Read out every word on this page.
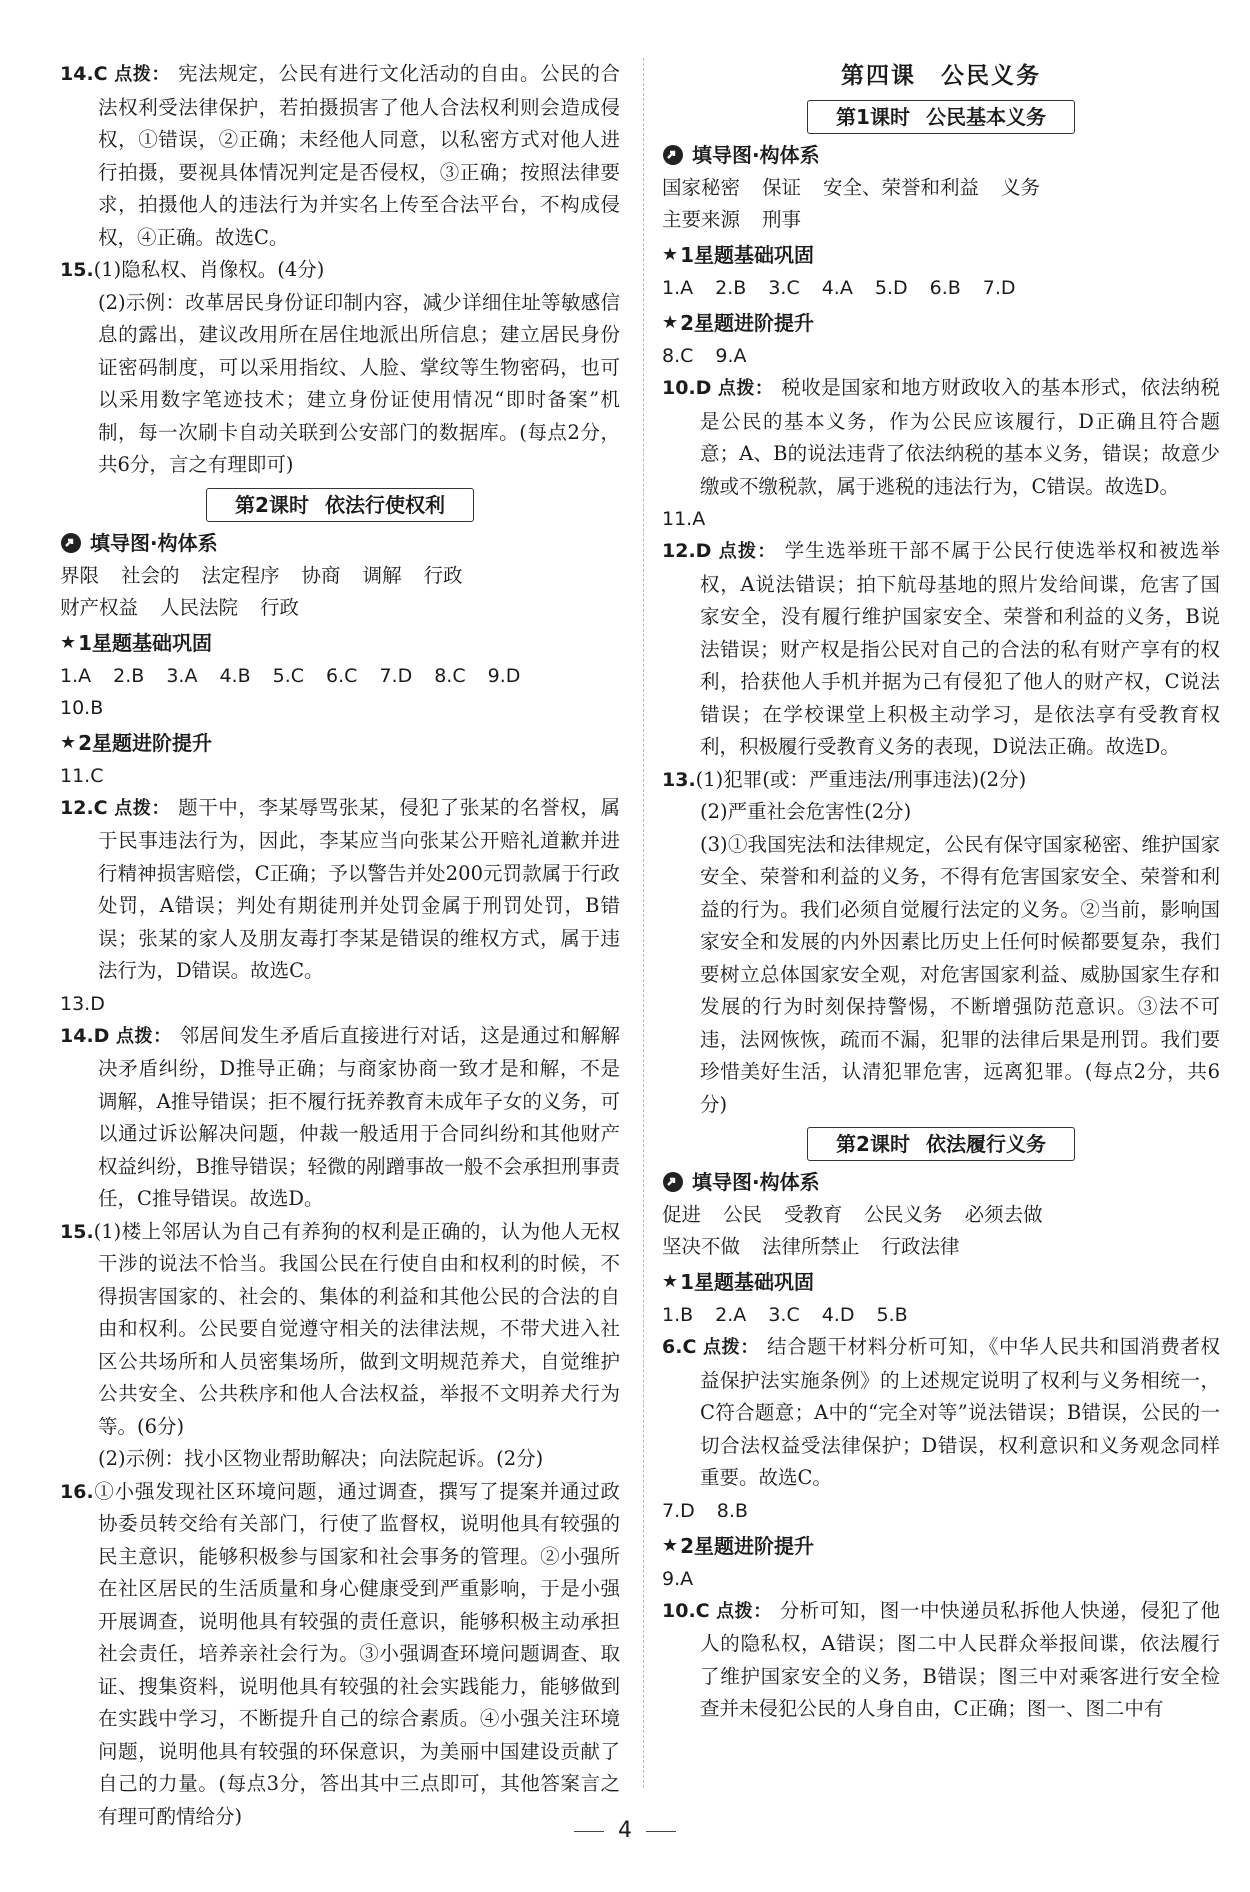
14.C 点拨： 宪法规定，公民有进行文化活动的自由。公民的合法权利受法律保护，若拍摄损害了他人合法权利则会造成侵权，①错误，②正确；未经他人同意，以私密方式对他人进行拍摄，要视具体情况判定是否侵权，③正确；按照法律要求，拍摄他人的违法行为并实名上传至合法平台，不构成侵权，④正确。故选C。

15.(1)隐私权、肖像权。(4分)

(2)示例：改革居民身份证印制内容，减少详细住址等敏感信息的露出，建议改用所在居住地派出所信息；建立居民身份证密码制度，可以采用指纹、人脸、掌纹等生物密码，也可以采用数字笔迹技术；建立身份证使用情况“即时备案”机制，每一次刷卡自动关联到公安部门的数据库。(每点2分，共6分，言之有理即可)

第2课时 依法行使权利
填导图·构体系

界限 社会的 法定程序 协商 调解 行政
财产权益 人民法院 行政

★ 1星题基础巩固

1.A 2.B 3.A 4.B 5.C 6.C 7.D 8.C 9.D
10.B

★ 2星题进阶提升

11.C

12.C 点拨： 题干中，李某辱骂张某，侵犯了张某的名誉权，属于民事违法行为，因此，李某应当向张某公开赔礼道歉并进行精神损害赔偿，C正确；予以警告并处200元罚款属于行政处罚，A错误；判处有期徒刑并处罚金属于刑罚处罚，B错误；张某的家人及朋友毒打李某是错误的维权方式，属于违法行为，D错误。故选C。

13.D

14.D 点拨： 邻居间发生矛盾后直接进行对话，这是通过和解解决矛盾纠纷，D推导正确；与商家协商一致才是和解，不是调解，A推导错误；拒不履行抚养教育未成年子女的义务，可以通过诉讼解决问题，仲裁一般适用于合同纠纷和其他财产权益纠纷，B推导错误；轻微的剐蹭事故一般不会承担刑事责任，C推导错误。故选D。

15.(1)楼上邻居认为自己有养狗的权利是正确的，认为他人无权干涉的说法不恰当。我国公民在行使自由和权利的时候，不得损害国家的、社会的、集体的利益和其他公民的合法的自由和权利。公民要自觉遵守相关的法律法规，不带犬进入社区公共场所和人员密集场所，做到文明规范养犬，自觉维护公共安全、公共秩序和他人合法权益，举报不文明养犬行为等。(6分)

(2)示例：找小区物业帮助解决；向法院起诉。(2分)

16.①小强发现社区环境问题，通过调查，撰写了提案并通过政协委员转交给有关部门，行使了监督权，说明他具有较强的民主意识，能够积极参与国家和社会事务的管理。②小强所在社区居民的生活质量和身心健康受到严重影响，于是小强开展调查，说明他具有较强的责任意识，能够积极主动承担社会责任，培养亲社会行为。③小强调查环境问题调查、取证、搜集资料，说明他具有较强的社会实践能力，能够做到在实践中学习，不断提升自己的综合素质。④小强关注环境问题，说明他具有较强的环保意识，为美丽中国建设贡献了自己的力量。(每点3分，答出其中三点即可，其他答案言之有理可酌情给分)

第四课　公民义务

第1课时 公民基本义务
填导图·构体系

国家秘密 保证 安全、荣誉和利益 义务
主要来源 刑事

★ 1星题基础巩固

1.A 2.B 3.C 4.A 5.D 6.B 7.D

★ 2星题进阶提升

8.C 9.A

10.D 点拨： 税收是国家和地方财政收入的基本形式，依法纳税是公民的基本义务，作为公民应该履行，D正确且符合题意；A、B的说法违背了依法纳税的基本义务，错误；故意少缴或不缴税款，属于逃税的违法行为，C错误。故选D。

11.A

12.D 点拨： 学生选举班干部不属于公民行使选举权和被选举权，A说法错误；拍下航母基地的照片发给间谍，危害了国家安全，没有履行维护国家安全、荣誉和利益的义务，B说法错误；财产权是指公民对自己的合法的私有财产享有的权利，拾获他人手机并据为己有侵犯了他人的财产权，C说法错误；在学校课堂上积极主动学习，是依法享有受教育权利，积极履行受教育义务的表现，D说法正确。故选D。

13.(1)犯罪(或：严重违法/刑事违法)(2分)

(2)严重社会危害性(2分)

(3)①我国宪法和法律规定，公民有保守国家秘密、维护国家安全、荣誉和利益的义务，不得有危害国家安全、荣誉和利益的行为。我们必须自觉履行法定的义务。②当前，影响国家安全和发展的内外因素比历史上任何时候都要复杂，我们要树立总体国家安全观，对危害国家利益、威胁国家生存和发展的行为时刻保持警惕，不断增强防范意识。③法不可违，法网恢恢，疏而不漏，犯罪的法律后果是刑罚。我们要珍惜美好生活，认清犯罪危害，远离犯罪。(每点2分，共6分)

第2课时 依法履行义务
填导图·构体系

促进 公民 受教育 公民义务 必须去做
坚决不做 法律所禁止 行政法律

★ 1星题基础巩固

1.B 2.A 3.C 4.D 5.B

6.C 点拨： 结合题干材料分析可知，《中华人民共和国消费者权益保护法实施条例》的上述规定说明了权利与义务相统一，C符合题意；A中的“完全对等”说法错误；B错误，公民的一切合法权益受法律保护；D错误，权利意识和义务观念同样重要。故选C。

7.D 8.B

★ 2星题进阶提升

9.A

10.C 点拨： 分析可知，图一中快递员私拆他人快递，侵犯了他人的隐私权，A错误；图二中人民群众举报间谍，依法履行了维护国家安全的义务，B错误；图三中对乘客进行安全检查并未侵犯公民的人身自由，C正确；图一、图二中有

4
